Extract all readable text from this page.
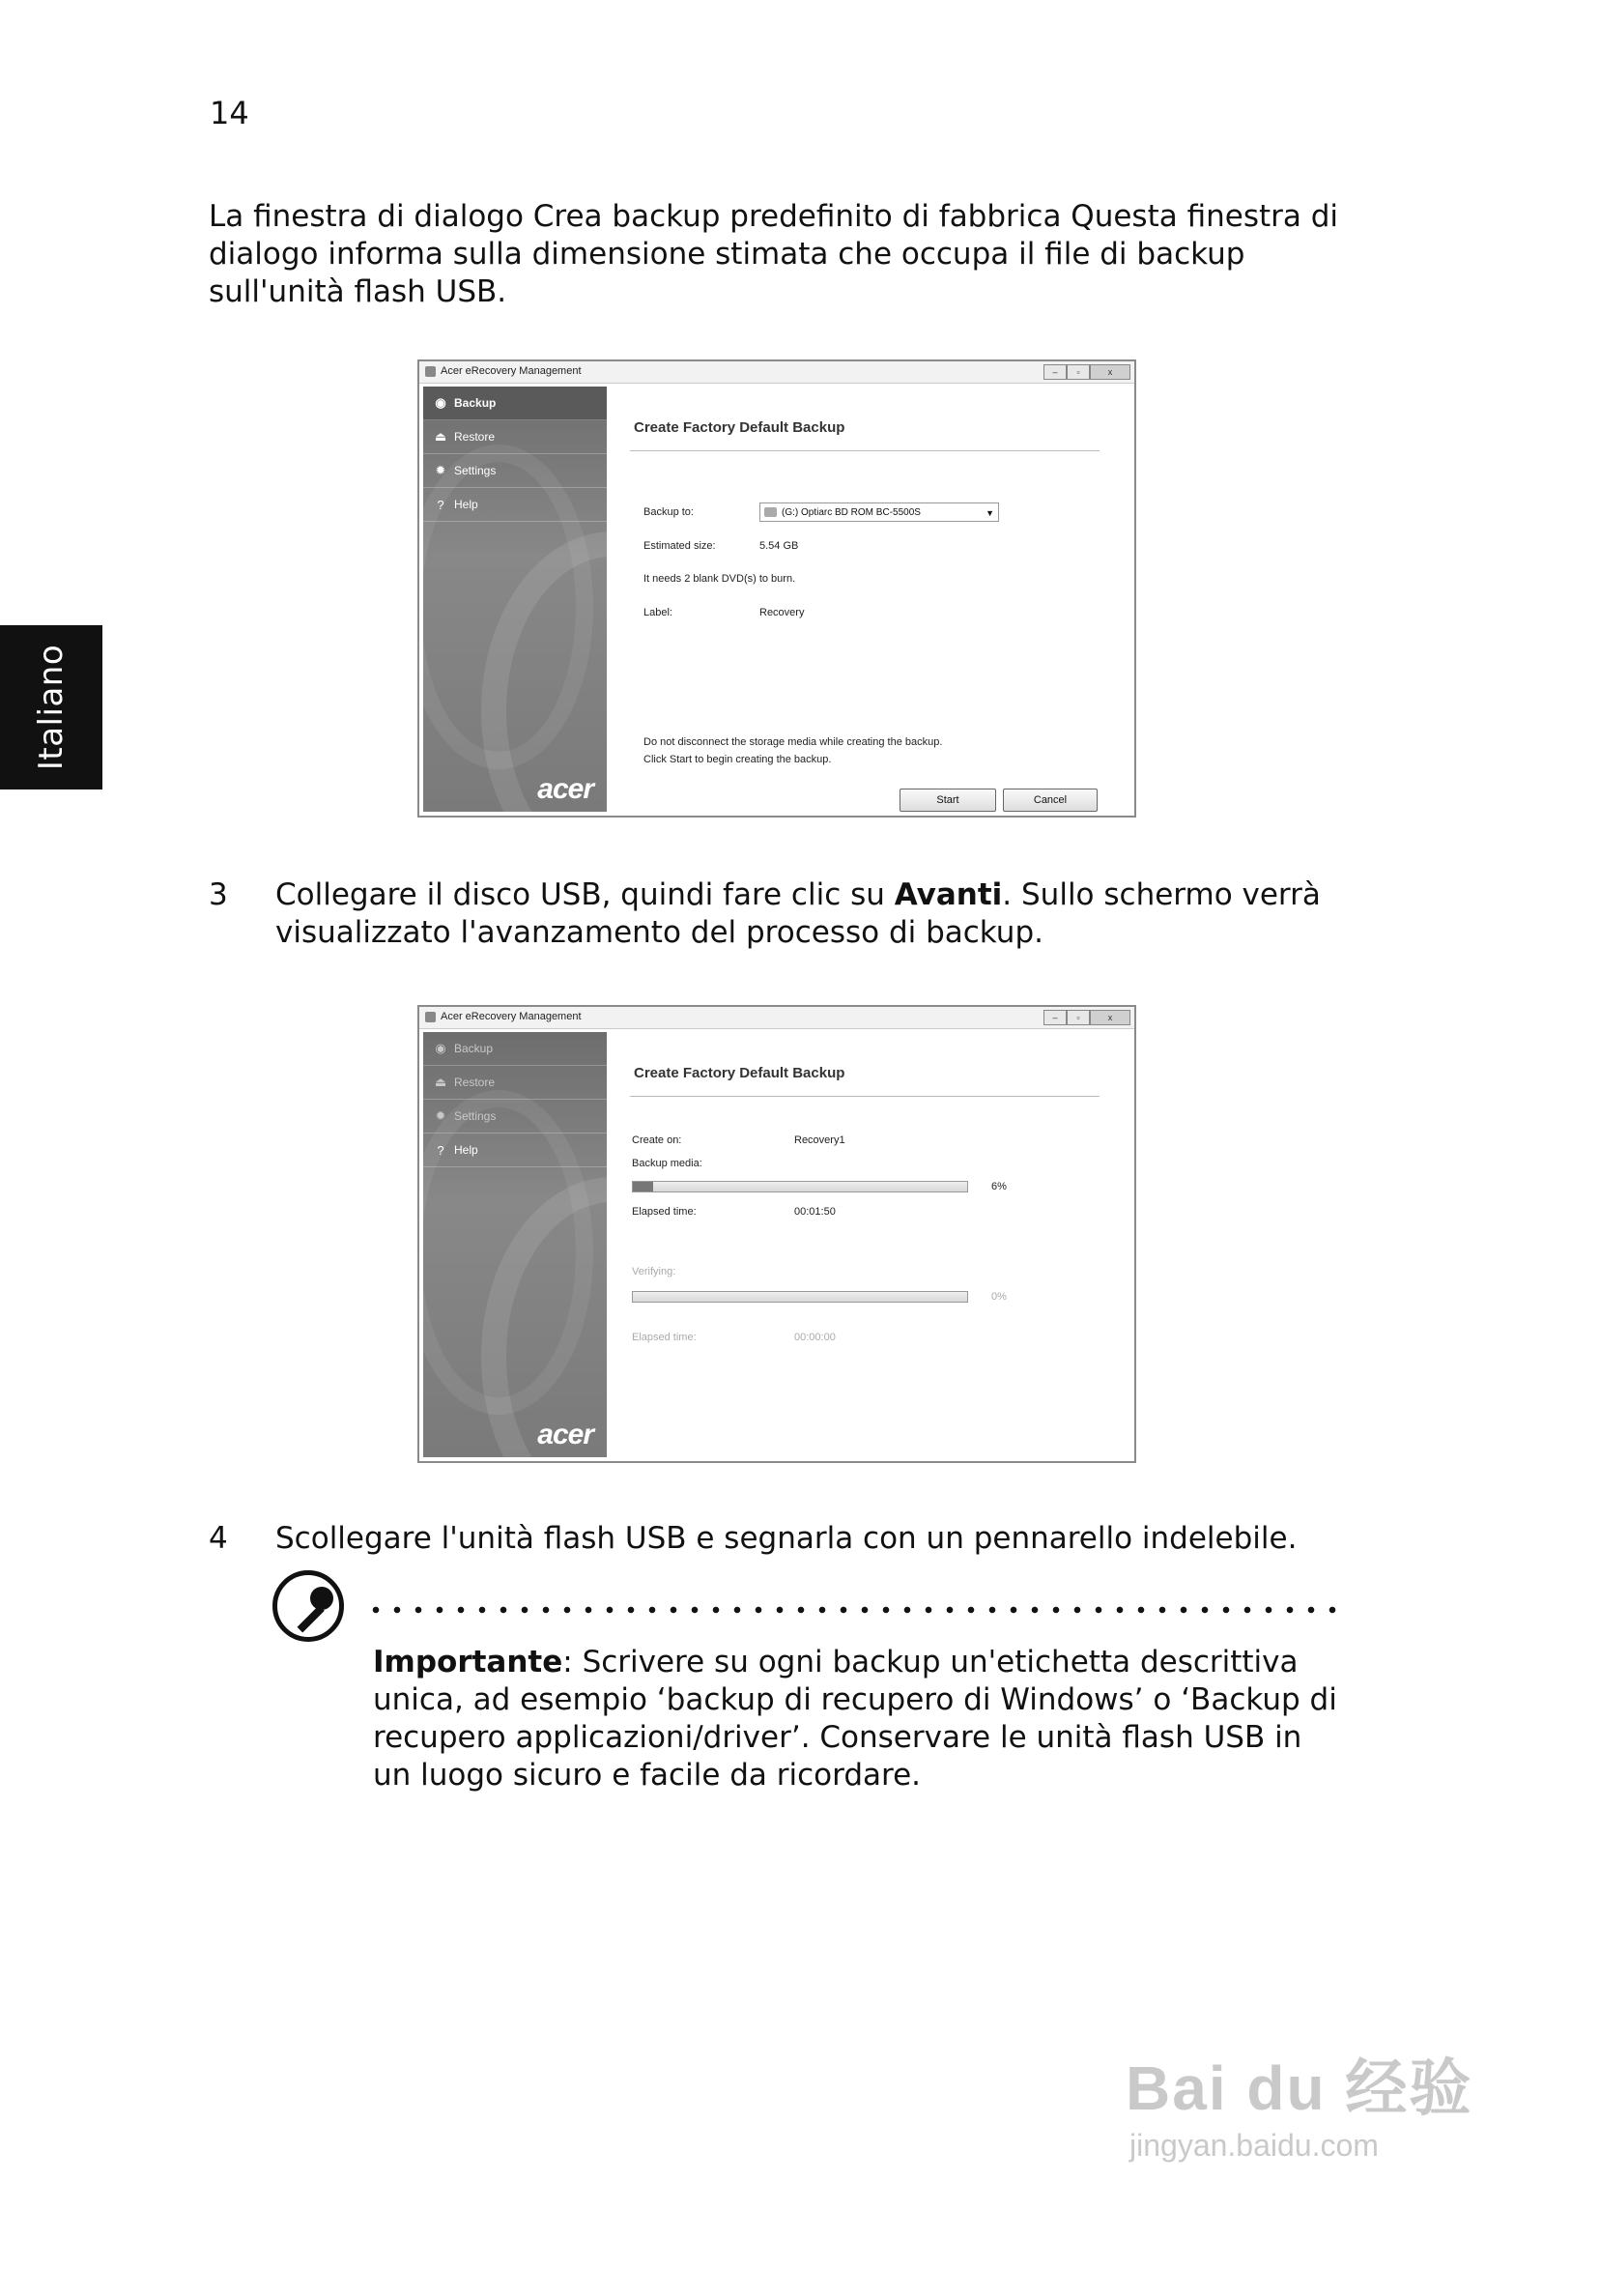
14
Italiano

La finestra di dialogo Crea backup predefinito di fabbrica Questa finestra di dialogo informa sulla dimensione stimata che occupa il file di backup sull'unità flash USB.

Acer eRecovery Management	–	▫	x
◉ Backup
⏏ Restore
✹ Settings
? Help
acer
Create Factory Default Backup
Backup to:	(G:) Optiarc BD ROM BC-5500S	▼
Estimated size:	5.54 GB
It needs 2 blank DVD(s) to burn.
Label:	Recovery
Do not disconnect the storage media while creating the backup.
Click Start to begin creating the backup.
Start	Cancel
3 Collegare il disco USB, quindi fare clic su Avanti. Sullo schermo verrà visualizzato l'avanzamento del processo di backup.

Acer eRecovery Management	–	▫	x
◉ Backup
⏏ Restore
✹ Settings
? Help
acer
Create Factory Default Backup
Create on:	Recovery1
Backup media:
6%
Elapsed time:	00:01:50
Verifying:
0%
Elapsed time:	00:00:00
4 Scollegare l'unità flash USB e segnarla con un pennarello indelebile.

Importante: Scrivere su ogni backup un'etichetta descrittiva unica, ad esempio ‘backup di recupero di Windows’ o ‘Backup di recupero applicazioni/driver’. Conservare le unità flash USB in un luogo sicuro e facile da ricordare.

Bai du 经验
jingyan.baidu.com
